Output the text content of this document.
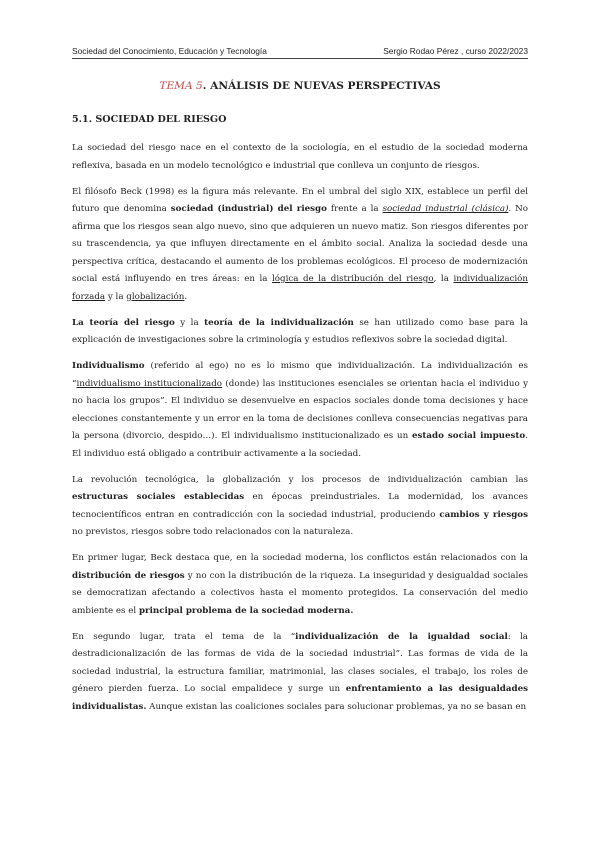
Sociedad del Conocimiento, Educación y Tecnología	Sergio Rodao Pérez , curso 2022/2023
TEMA 5. ANÁLISIS DE NUEVAS PERSPECTIVAS
5.1. SOCIEDAD DEL RIESGO

La sociedad del riesgo nace en el contexto de la sociología, en el estudio de la sociedad moderna reflexiva, basada en un modelo tecnológico e industrial que conlleva un conjunto de riesgos.

El filósofo Beck (1998) es la figura más relevante. En el umbral del siglo XIX, establece un perfil del futuro que denomina sociedad (industrial) del riesgo frente a la sociedad industrial (clásica). No afirma que los riesgos sean algo nuevo, sino que adquieren un nuevo matiz. Son riesgos diferentes por su trascendencia, ya que influyen directamente en el ámbito social. Analiza la sociedad desde una perspectiva crítica, destacando el aumento de los problemas ecológicos. El proceso de modernización social está influyendo en tres áreas: en la lógica de la distribución del riesgo, la individualización forzada y la globalización.

La teoría del riesgo y la teoría de la individualización se han utilizado como base para la explicación de investigaciones sobre la criminología y estudios reflexivos sobre la sociedad digital.

Individualismo (referido al ego) no es lo mismo que individualización. La individualización es “individualismo institucionalizado (donde) las instituciones esenciales se orientan hacia el individuo y no hacia los grupos”. El individuo se desenvuelve en espacios sociales donde toma decisiones y hace elecciones constantemente y un error en la toma de decisiones conlleva consecuencias negativas para la persona (divorcio, despido…). El individualismo institucionalizado es un estado social impuesto. El individuo está obligado a contribuir activamente a la sociedad.

La revolución tecnológica, la globalización y los procesos de individualización cambian las estructuras sociales establecidas en épocas preindustriales. La modernidad, los avances tecnocientíficos entran en contradicción con la sociedad industrial, produciendo cambios y riesgos no previstos, riesgos sobre todo relacionados con la naturaleza.

En primer lugar, Beck destaca que, en la sociedad moderna, los conflictos están relacionados con la distribución de riesgos y no con la distribución de la riqueza. La inseguridad y desigualdad sociales se democratizan afectando a colectivos hasta el momento protegidos. La conservación del medio ambiente es el principal problema de la sociedad moderna.

En segundo lugar, trata el tema de la “individualización de la igualdad social: la destradicionalización de las formas de vida de la sociedad industrial”. Las formas de vida de la sociedad industrial, la estructura familiar, matrimonial, las clases sociales, el trabajo, los roles de género pierden fuerza. Lo social empalidece y surge un enfrentamiento a las desigualdades individualistas. Aunque existan las coaliciones sociales para solucionar problemas, ya no se basan en
